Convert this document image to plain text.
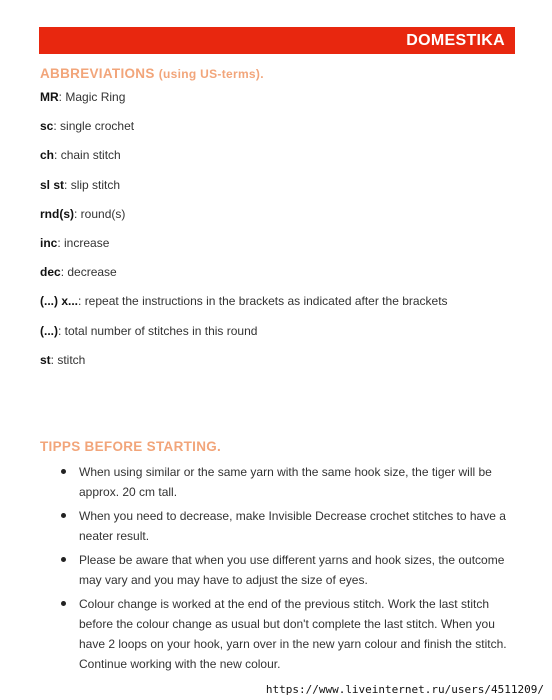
DOMESTIKA
ABBREVIATIONS (using US-terms).
MR: Magic Ring
sc: single crochet
ch: chain stitch
sl st: slip stitch
rnd(s): round(s)
inc: increase
dec: decrease
(...) x...: repeat the instructions in the brackets as indicated after the brackets
(...): total number of stitches in this round
st: stitch
TIPPS BEFORE STARTING.
When using similar or the same yarn with the same hook size, the tiger will be approx. 20 cm tall.
When you need to decrease, make Invisible Decrease crochet stitches to have a neater result.
Please be aware that when you use different yarns and hook sizes, the outcome may vary and you may have to adjust the size of eyes.
Colour change is worked at the end of the previous stitch. Work the last stitch before the colour change as usual but don't complete the last stitch. When you have 2 loops on your hook, yarn over in the new yarn colour and finish the stitch. Continue working with the new colour.
https://www.liveinternet.ru/users/4511209/
